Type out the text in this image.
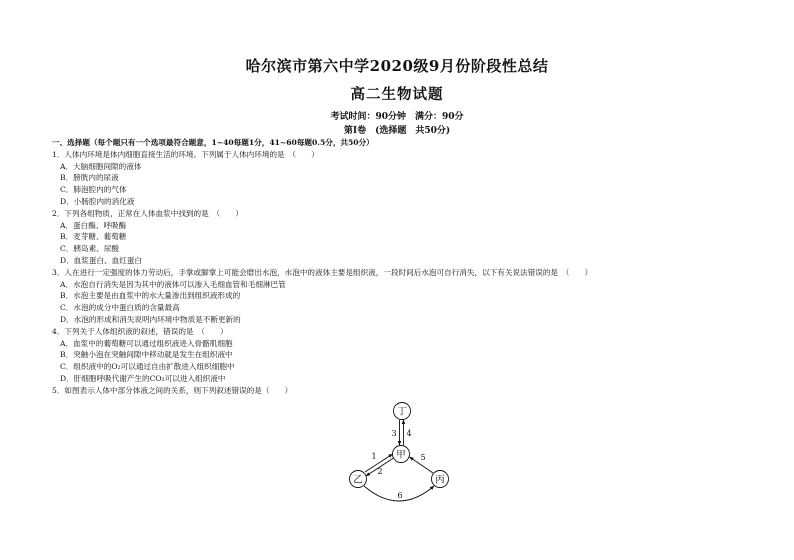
哈尔滨市第六中学2020级9月份阶段性总结
高二生物试题
考试时间：90分钟　满分：90分
第Ⅰ卷　(选择题　共50分)
一、选择题（每个题只有一个选项最符合题意，1~40每题1分，41~60每题0.5分，共50分）
1．人体内环境是体内细胞直接生活的环境。下列属于人体内环境的是　（　　）
A．大脑细胞间隙的液体
B．膀胱内的尿液
C．肺泡腔内的气体
D．小肠腔内的消化液
2．下列各组物质，正常在人体血浆中找到的是　（　　）
A．蛋白酶、呼吸酶
B．麦芽糖、葡萄糖
C．胰岛素、尿酸
D．血浆蛋白、血红蛋白
3．人在进行一定强度的体力劳动后，手掌或脚掌上可能会磨出水泡，水泡中的液体主要是组织液，一段时间后水泡可自行消失，以下有关说法错误的是　（　　）
A．水泡自行消失是因为其中的液体可以渗入毛细血管和毛细淋巴管
B．水泡主要是由血浆中的水大量渗出到组织液形成的
C．水泡的成分中蛋白质的含量最高
D．水泡的形成和消失说明内环境中物质是不断更新的
4．下列关于人体组织液的叙述，错误的是　（　　）
A．血浆中的葡萄糖可以通过组织液进入骨骼肌细胞
B．突触小泡在突触间隙中移动就是发生在组织液中
C．组织液中的O₂可以通过自由扩散进入组织细胞中
D．肝细胞呼吸代谢产生的CO₂可以进入组织液中
5．如图表示人体中部分体液之间的关系，则下列叙述错误的是（　　）
丁
甲
乙	丙
3 4
1
2
5
6
